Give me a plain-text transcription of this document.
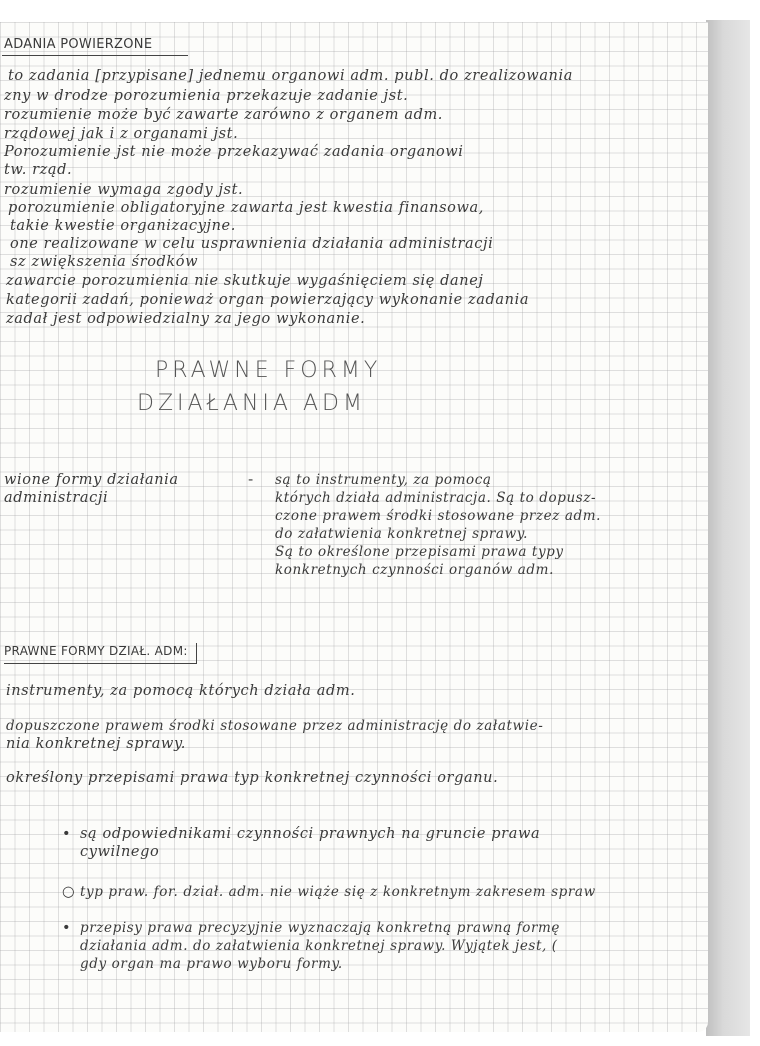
ADANIA POWIERZONE
to zadania [przypisane] jednemu organowi adm. publ. do zrealizowania
zny w drodze porozumienia przekazuje zadanie jst.
rozumienie może być zawarte zarówno z organem adm.
rządowej jak i z organami jst.
Porozumienie jst nie może przekazywać zadania organowi
tw. rząd.
rozumienie wymaga zgody jst.
porozumienie obligatoryjne zawarta jest kwestia finansowa,
takie kwestie organizacyjne.
one realizowane w celu usprawnienia działania administracji
sz zwiększenia środków
zawarcie porozumienia nie skutkuje wygaśnięciem się danej
kategorii zadań, ponieważ organ powierzający wykonanie zadania
zadał jest odpowiedzialny za jego wykonanie.
PRAWNE FORMY
DZIAŁANIA ADM
wione formy działania
administracji
- są to instrumenty, za pomocą
których działa administracja. Są to dopusz-
czone prawem środki stosowane przez adm.
do załatwienia konkretnej sprawy.
Są to określone przepisami prawa typy
konkretnych czynności organów adm.
PRAWNE FORMY DZIAŁ. ADM:
instrumenty, za pomocą których działa adm.
dopuszczone prawem środki stosowane przez administrację do załatwie-
nia konkretnej sprawy.
określony przepisami prawa typ konkretnej czynności organu.
• są odpowiednikami czynności prawnych na gruncie prawa
cywilnego
○ typ praw. for. dział. adm. nie wiąże się z konkretnym zakresem spraw
• przepisy prawa precyzyjnie wyznaczają konkretną prawną formę
działania adm. do załatwienia konkretnej sprawy. Wyjątek jest, (
gdy organ ma prawo wyboru formy.
